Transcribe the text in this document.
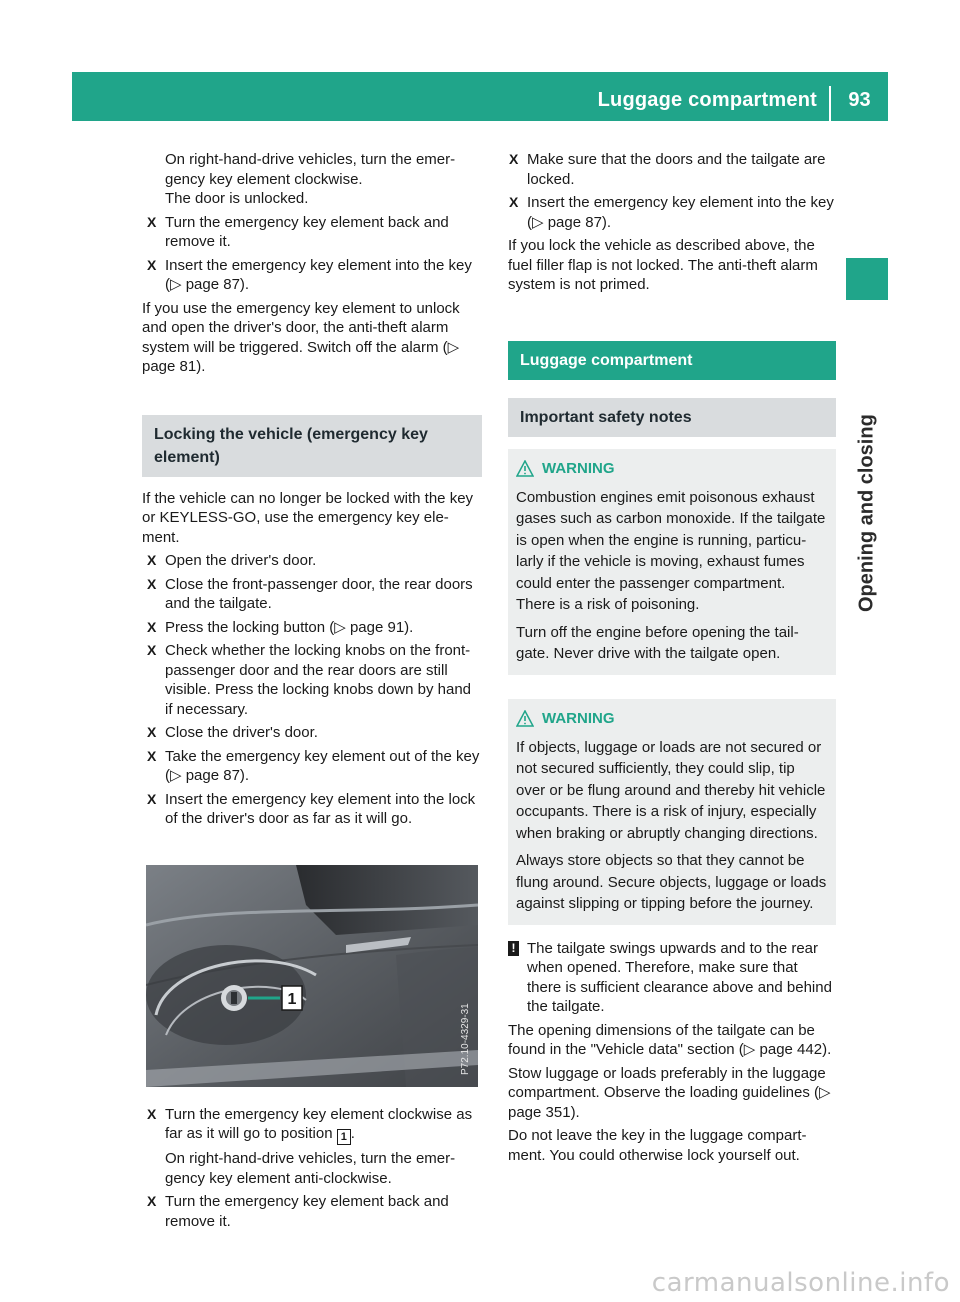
Luggage compartment	93
Opening and closing

On right-hand-drive vehicles, turn the emer-gency key element clockwise.

The door is unlocked.

X Turn the emergency key element back and remove it.
X Insert the emergency key element into the key (▷ page 87).

If you use the emergency key element to unlock and open the driver's door, the anti-theft alarm system will be triggered. Switch off the alarm (▷ page 81).

Locking the vehicle (emergency key element)

If the vehicle can no longer be locked with the key or KEYLESS-GO, use the emergency key ele-ment.

X Open the driver's door.
X Close the front-passenger door, the rear doors and the tailgate.
X Press the locking button (▷ page 91).
X Check whether the locking knobs on the front-passenger door and the rear doors are still visible. Press the locking knobs down by hand if necessary.
X Close the driver's door.
X Take the emergency key element out of the key (▷ page 87).
X Insert the emergency key element into the lock of the driver's door as far as it will go.
1
P72.10-4329-31
X Turn the emergency key element clockwise as far as it will go to position 1 .

On right-hand-drive vehicles, turn the emer-gency key element anti-clockwise.

X Turn the emergency key element back and remove it.
X Make sure that the doors and the tailgate are locked.
X Insert the emergency key element into the key (▷ page 87).

If you lock the vehicle as described above, the fuel filler flap is not locked. The anti-theft alarm system is not primed.

Luggage compartment
Important safety notes
WARNING

Combustion engines emit poisonous exhaust gases such as carbon monoxide. If the tailgate is open when the engine is running, particu-larly if the vehicle is moving, exhaust fumes could enter the passenger compartment. There is a risk of poisoning.

Turn off the engine before opening the tail-gate. Never drive with the tailgate open.

WARNING

If objects, luggage or loads are not secured or not secured sufficiently, they could slip, tip over or be flung around and thereby hit vehicle occupants. There is a risk of injury, especially when braking or abruptly changing directions.

Always store objects so that they cannot be flung around. Secure objects, luggage or loads against slipping or tipping before the journey.

! The tailgate swings upwards and to the rear when opened. Therefore, make sure that there is sufficient clearance above and behind the tailgate.

The opening dimensions of the tailgate can be found in the "Vehicle data" section (▷ page 442).

Stow luggage or loads preferably in the luggage compartment. Observe the loading guidelines (▷ page 351).

Do not leave the key in the luggage compart-ment. You could otherwise lock yourself out.

carmanualsonline.info
